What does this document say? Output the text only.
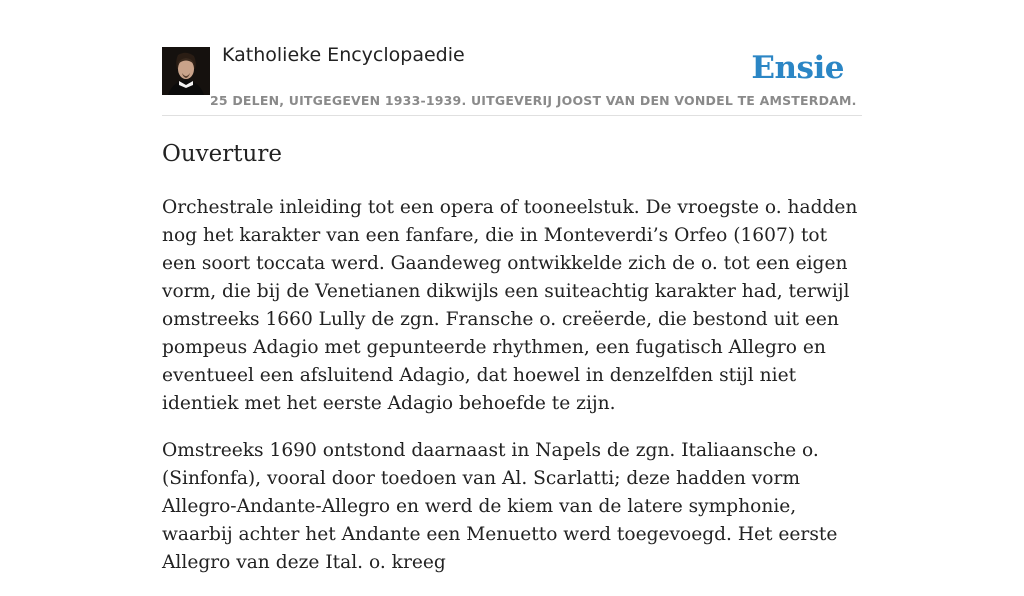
Katholieke Encyclopaedie
25 DELEN, UITGEGEVEN 1933-1939. UITGEVERIJ JOOST VAN DEN VONDEL TE AMSTERDAM.
Ensie
Ouverture

Orchestrale inleiding tot een opera of tooneelstuk. De vroegste o. hadden nog het karakter van een fanfare, die in Monteverdi’s Orfeo (1607) tot een soort toccata werd. Gaandeweg ontwikkelde zich de o. tot een eigen vorm, die bij de Venetianen dikwijls een suiteachtig karakter had, terwijl omstreeks 1660 Lully de zgn. Fransche o. creëerde, die bestond uit een pompeus Adagio met gepunteerde rhythmen, een fugatisch Allegro en eventueel een afsluitend Adagio, dat hoewel in denzelfden stijl niet identiek met het eerste Adagio behoefde te zijn.

Omstreeks 1690 ontstond daarnaast in Napels de zgn. Italiaansche o. (Sinfonfa), vooral door toedoen van Al. Scarlatti; deze hadden vorm Allegro-Andante-Allegro en werd de kiem van de latere symphonie, waarbij achter het Andante een Menuetto werd toegevoegd. Het eerste Allegro van deze Ital. o. kreeg
